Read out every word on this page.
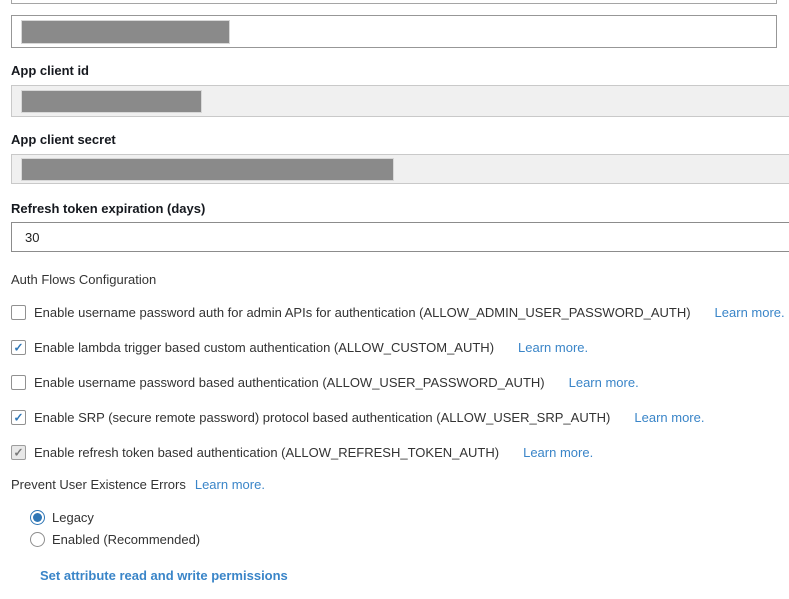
App client id
App client secret
Refresh token expiration (days)
30
Auth Flows Configuration
Enable username password auth for admin APIs for authentication (ALLOW_ADMIN_USER_PASSWORD_AUTH) Learn more.
✓ Enable lambda trigger based custom authentication (ALLOW_CUSTOM_AUTH) Learn more.
Enable username password based authentication (ALLOW_USER_PASSWORD_AUTH) Learn more.
✓ Enable SRP (secure remote password) protocol based authentication (ALLOW_USER_SRP_AUTH) Learn more.
✓ Enable refresh token based authentication (ALLOW_REFRESH_TOKEN_AUTH) Learn more.
Prevent User Existence Errors Learn more.
Legacy
Enabled (Recommended)
Set attribute read and write permissions
